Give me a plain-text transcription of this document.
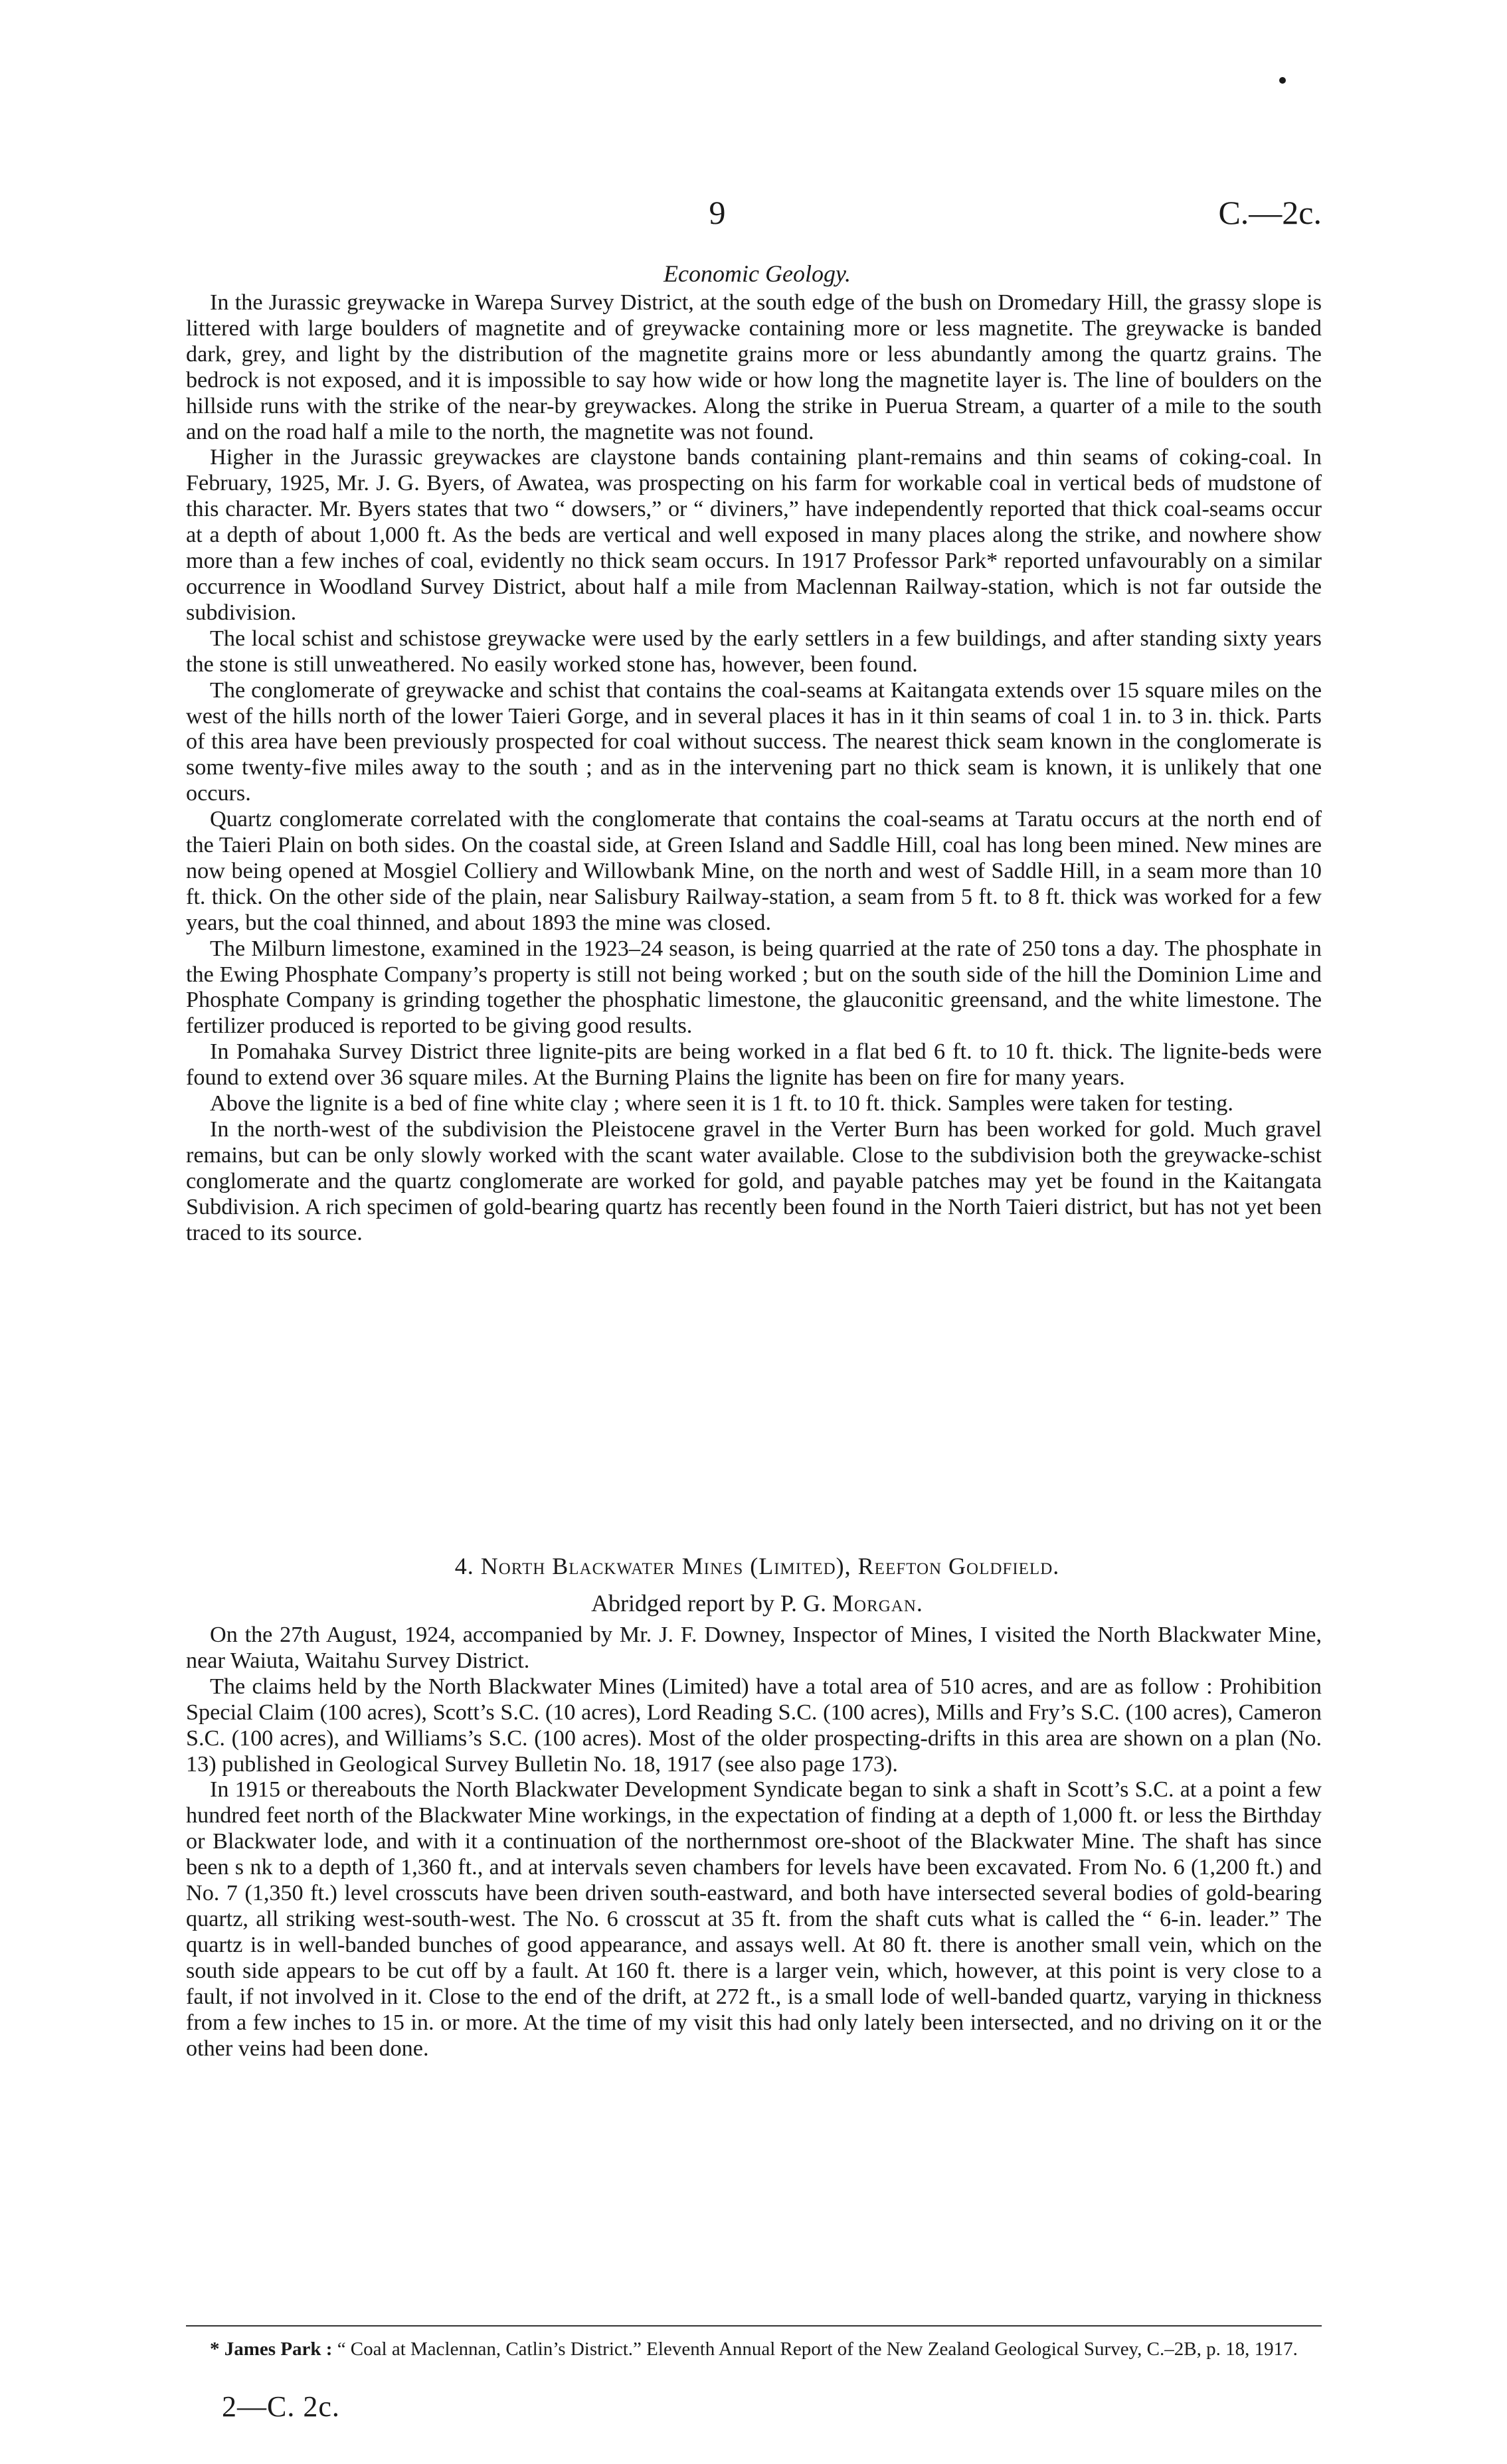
9	C.—2c.
Economic Geology.

In the Jurassic greywacke in Warepa Survey District, at the south edge of the bush on Dromedary Hill, the grassy slope is littered with large boulders of magnetite and of greywacke containing more or less magnetite. The greywacke is banded dark, grey, and light by the distribution of the magnetite grains more or less abundantly among the quartz grains. The bedrock is not exposed, and it is impossible to say how wide or how long the magnetite layer is. The line of boulders on the hillside runs with the strike of the near-by greywackes. Along the strike in Puerua Stream, a quarter of a mile to the south and on the road half a mile to the north, the magnetite was not found.

Higher in the Jurassic greywackes are claystone bands containing plant-remains and thin seams of coking-coal. In February, 1925, Mr. J. G. Byers, of Awatea, was prospecting on his farm for workable coal in vertical beds of mudstone of this character. Mr. Byers states that two “ dowsers,” or “ diviners,” have independently reported that thick coal-seams occur at a depth of about 1,000 ft. As the beds are vertical and well exposed in many places along the strike, and nowhere show more than a few inches of coal, evidently no thick seam occurs. In 1917 Professor Park* reported unfavourably on a similar occurrence in Woodland Survey District, about half a mile from Maclennan Railway-station, which is not far outside the subdivision.

The local schist and schistose greywacke were used by the early settlers in a few buildings, and after standing sixty years the stone is still unweathered. No easily worked stone has, however, been found.

The conglomerate of greywacke and schist that contains the coal-seams at Kaitangata extends over 15 square miles on the west of the hills north of the lower Taieri Gorge, and in several places it has in it thin seams of coal 1 in. to 3 in. thick. Parts of this area have been previously prospected for coal without success. The nearest thick seam known in the conglomerate is some twenty-five miles away to the south ; and as in the intervening part no thick seam is known, it is unlikely that one occurs.

Quartz conglomerate correlated with the conglomerate that contains the coal-seams at Taratu occurs at the north end of the Taieri Plain on both sides. On the coastal side, at Green Island and Saddle Hill, coal has long been mined. New mines are now being opened at Mosgiel Colliery and Willowbank Mine, on the north and west of Saddle Hill, in a seam more than 10 ft. thick. On the other side of the plain, near Salisbury Railway-station, a seam from 5 ft. to 8 ft. thick was worked for a few years, but the coal thinned, and about 1893 the mine was closed.

The Milburn limestone, examined in the 1923–24 season, is being quarried at the rate of 250 tons a day. The phosphate in the Ewing Phosphate Company’s property is still not being worked ; but on the south side of the hill the Dominion Lime and Phosphate Company is grinding together the phosphatic limestone, the glauconitic greensand, and the white limestone. The fertilizer produced is reported to be giving good results.

In Pomahaka Survey District three lignite-pits are being worked in a flat bed 6 ft. to 10 ft. thick. The lignite-beds were found to extend over 36 square miles. At the Burning Plains the lignite has been on fire for many years.

Above the lignite is a bed of fine white clay ; where seen it is 1 ft. to 10 ft. thick. Samples were taken for testing.

In the north-west of the subdivision the Pleistocene gravel in the Verter Burn has been worked for gold. Much gravel remains, but can be only slowly worked with the scant water available. Close to the subdivision both the greywacke-schist conglomerate and the quartz conglomerate are worked for gold, and payable patches may yet be found in the Kaitangata Subdivision. A rich specimen of gold-bearing quartz has recently been found in the North Taieri district, but has not yet been traced to its source.

4. North Blackwater Mines (Limited), Reefton Goldfield.
Abridged report by P. G. Morgan.

On the 27th August, 1924, accompanied by Mr. J. F. Downey, Inspector of Mines, I visited the North Blackwater Mine, near Waiuta, Waitahu Survey District.

The claims held by the North Blackwater Mines (Limited) have a total area of 510 acres, and are as follow : Prohibition Special Claim (100 acres), Scott’s S.C. (10 acres), Lord Reading S.C. (100 acres), Mills and Fry’s S.C. (100 acres), Cameron S.C. (100 acres), and Williams’s S.C. (100 acres). Most of the older prospecting-drifts in this area are shown on a plan (No. 13) published in Geological Survey Bulletin No. 18, 1917 (see also page 173).

In 1915 or thereabouts the North Blackwater Development Syndicate began to sink a shaft in Scott’s S.C. at a point a few hundred feet north of the Blackwater Mine workings, in the expectation of finding at a depth of 1,000 ft. or less the Birthday or Blackwater lode, and with it a continuation of the northernmost ore-shoot of the Blackwater Mine. The shaft has since been s nk to a depth of 1,360 ft., and at intervals seven chambers for levels have been excavated. From No. 6 (1,200 ft.) and No. 7 (1,350 ft.) level crosscuts have been driven south-eastward, and both have intersected several bodies of gold-bearing quartz, all striking west-south-west. The No. 6 crosscut at 35 ft. from the shaft cuts what is called the “ 6-in. leader.” The quartz is in well-banded bunches of good appearance, and assays well. At 80 ft. there is another small vein, which on the south side appears to be cut off by a fault. At 160 ft. there is a larger vein, which, however, at this point is very close to a fault, if not involved in it. Close to the end of the drift, at 272 ft., is a small lode of well-banded quartz, varying in thickness from a few inches to 15 in. or more. At the time of my visit this had only lately been intersected, and no driving on it or the other veins had been done.

* James Park : “ Coal at Maclennan, Catlin’s District.” Eleventh Annual Report of the New Zealand Geological Survey, C.–2B, p. 18, 1917.
2—C. 2c.
